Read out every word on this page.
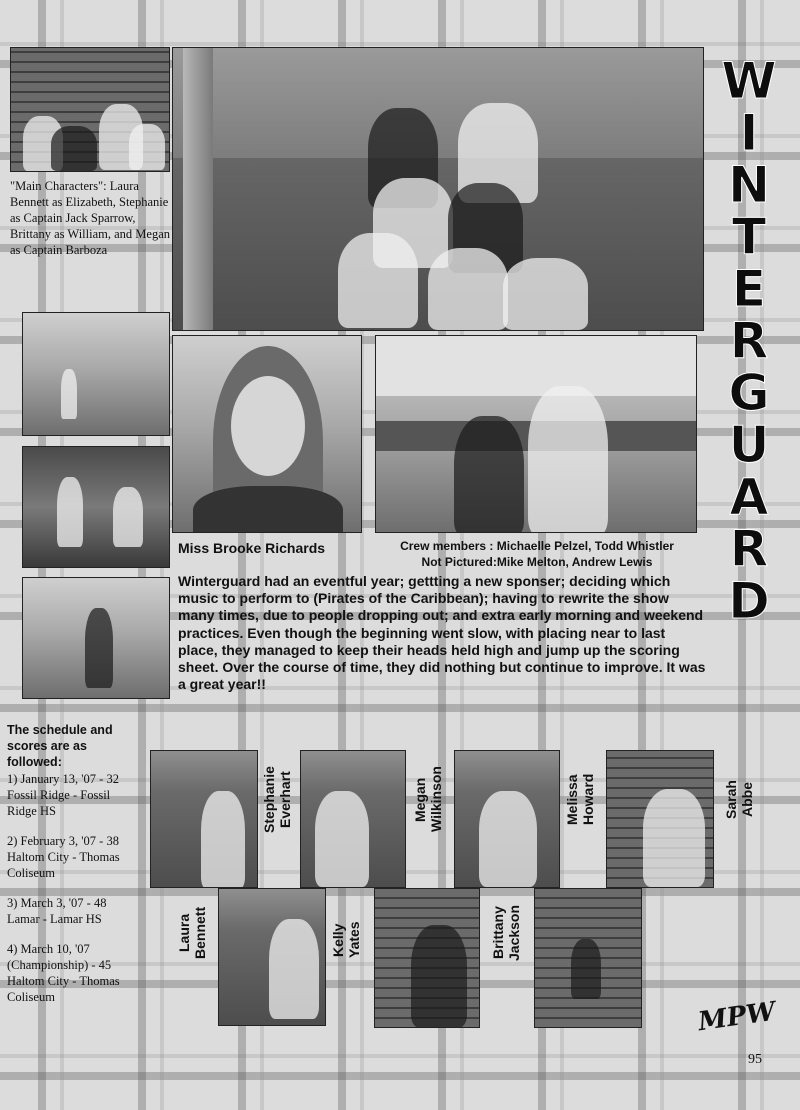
"Main Characters": Laura Bennett as Elizabeth, Stephanie as Captain Jack Sparrow, Brittany as William, and Megan as Captain Barboza
Miss Brooke Richards	Crew members : Michaelle Pelzel, Todd Whistler
Not Pictured:Mike Melton, Andrew Lewis
Winterguard had an eventful year; gettting a new sponser; deciding which music to perform to (Pirates of the Caribbean); having to rewrite the show many times, due to people dropping out; and extra early morning and weekend practices. Even though the beginning went slow, with placing near to last place, they managed to keep their heads held high and jump up the scoring sheet. Over the course of time, they did nothing but continue to improve. It was a great year!!
W
I
N
T
E
R
G
U
A
R
D
The schedule and scores are as followed:
1) January 13, '07 - 32 Fossil Ridge - Fossil Ridge HS
2) February 3, '07 - 38 Haltom City - Thomas Coliseum
3) March 3, '07 - 48 Lamar - Lamar HS
4) March 10, '07 (Championship) - 45 Haltom City - Thomas Coliseum
Stephanie
Everhart	Megan
Wilkinson	Melissa
Howard	Sarah
Abbe
Laura
Bennett	Kelly
Yates	Brittany
Jackson
MPW
95
